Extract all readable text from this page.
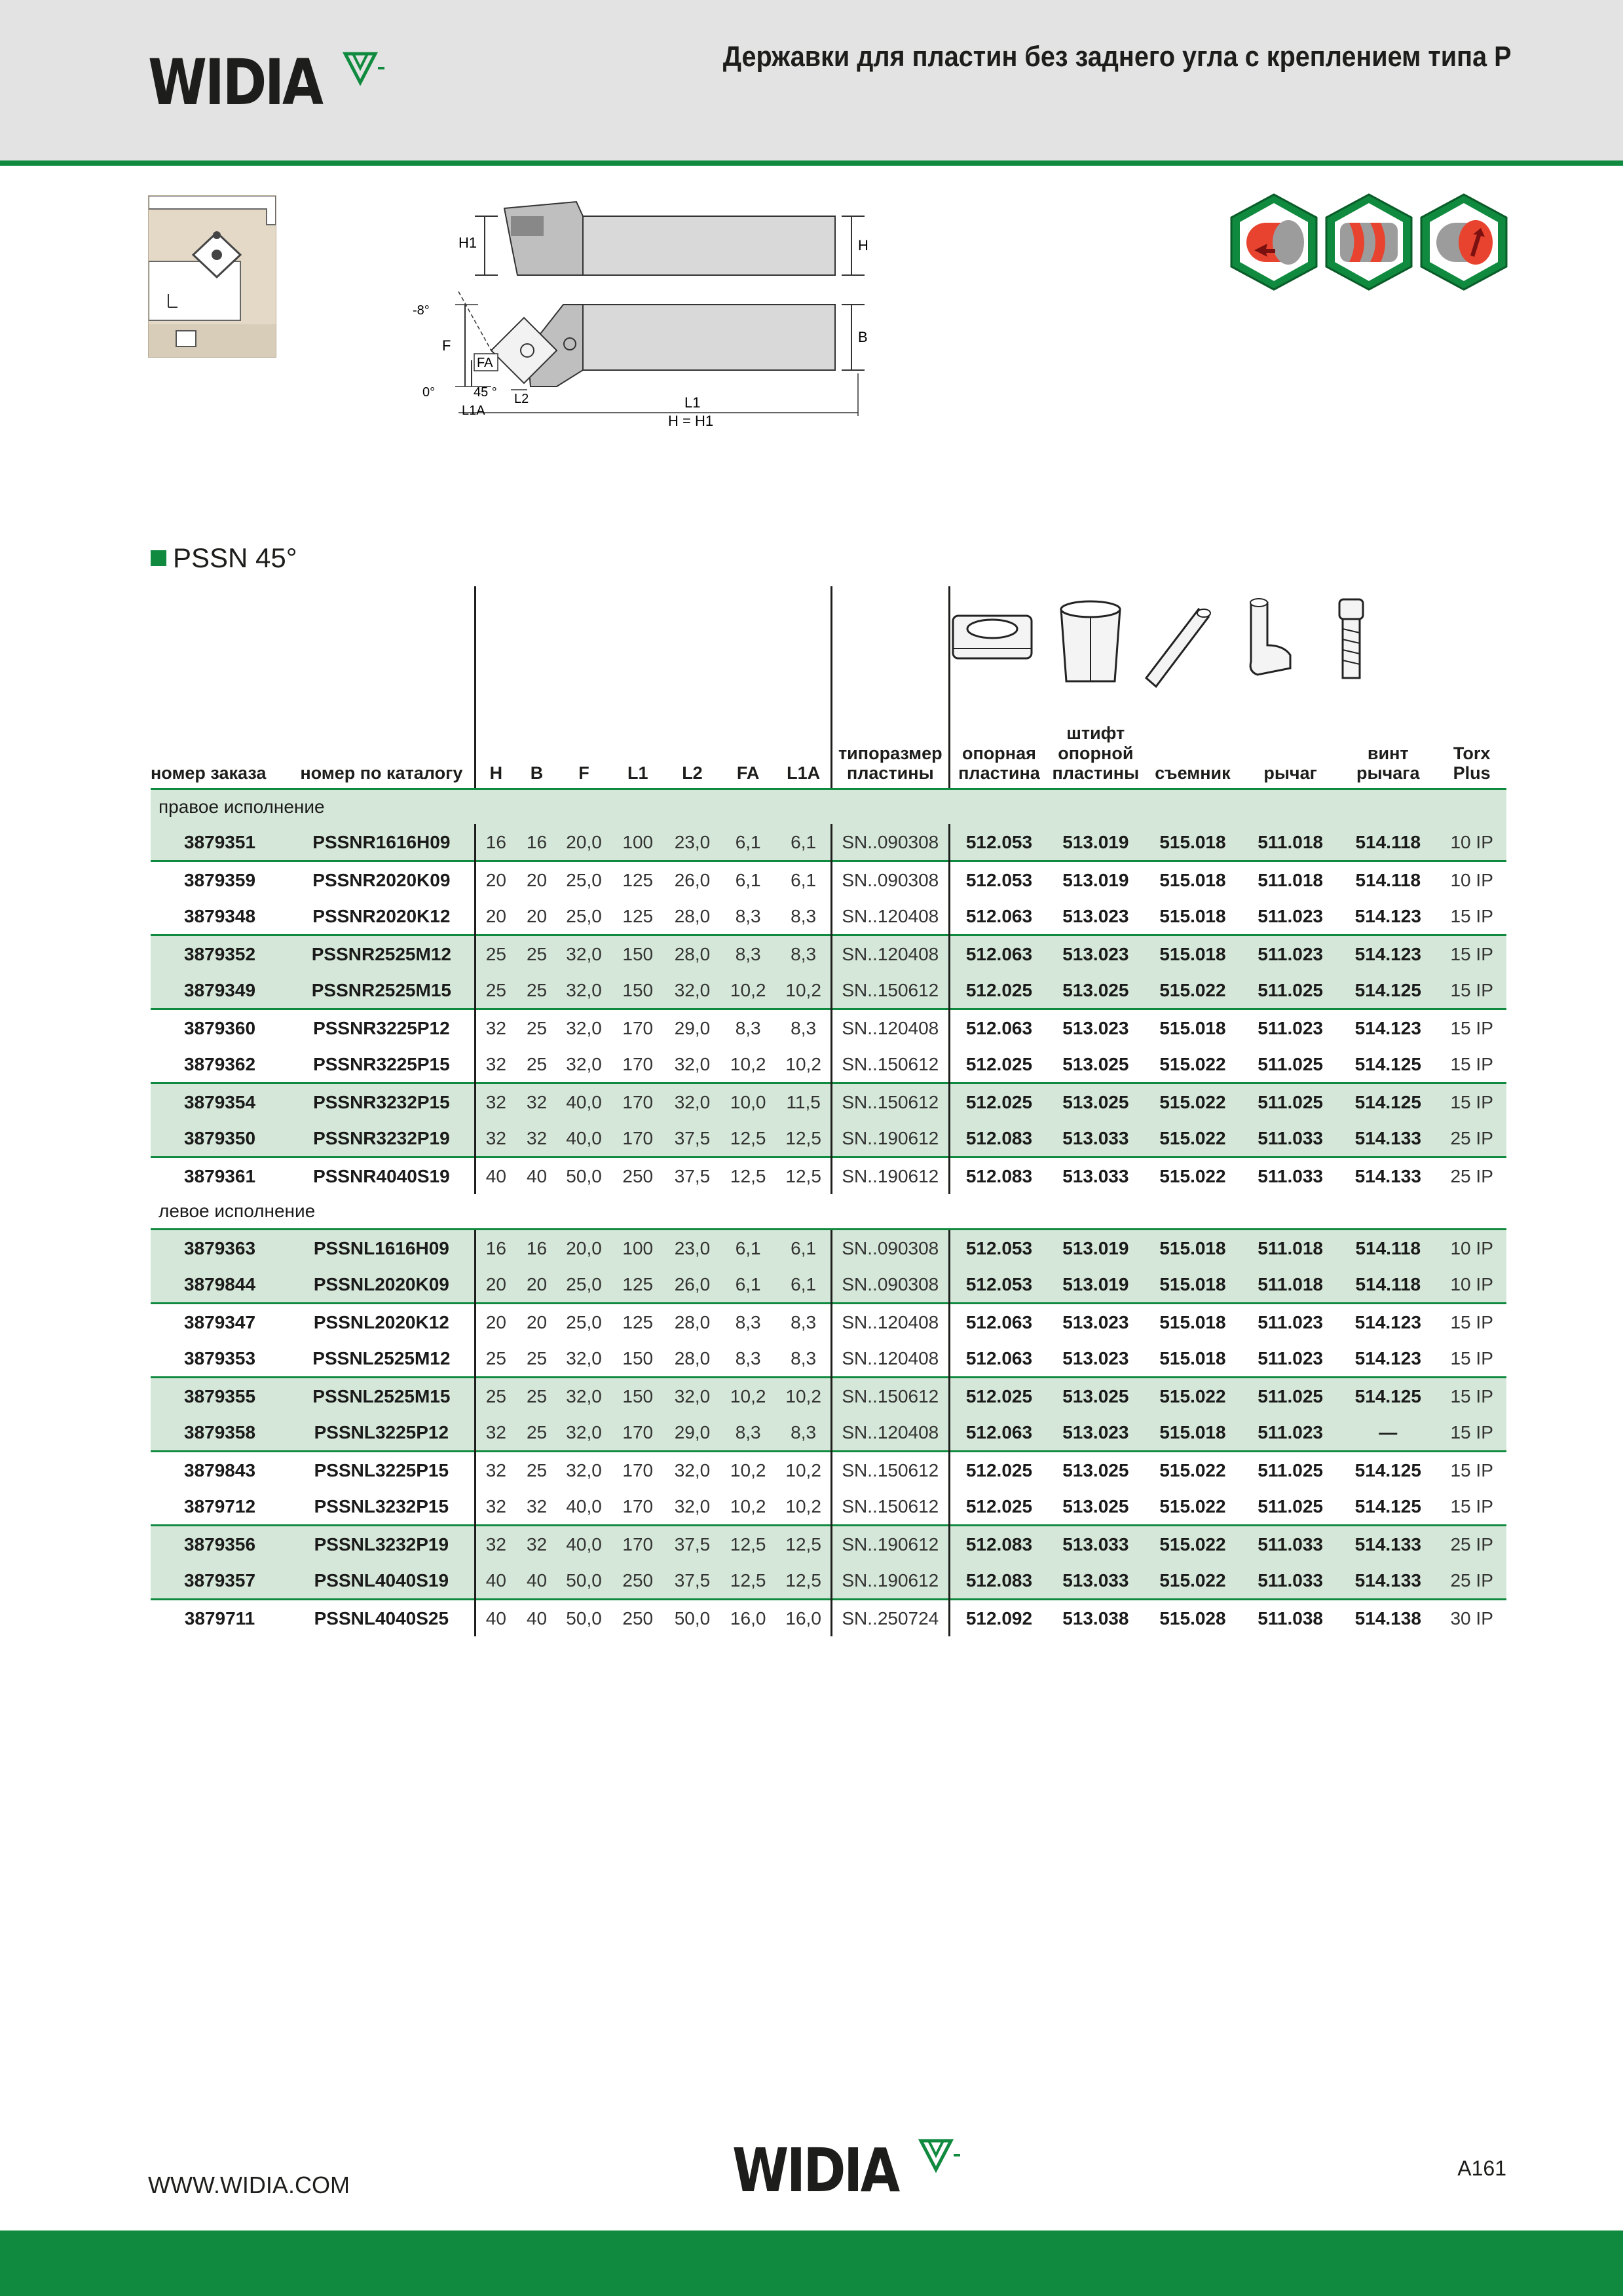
WIDIA	Державки для пластин без заднего угла с креплением типа P
H1	H
B
-8°
F
FA
0°	45 ° L2
L1A	L1
H = H1
PSSN 45°
номер заказа	номер по каталогу	H	B	F	L1	L2	FA	L1A	типоразмер пластины	опорная пластина	штифт опорной пластины	съемник	рычаг	винт рычага	Torx Plus
правое исполнение															
3879351	PSSNR1616H09	16	16	20,0	100	23,0	6,1	6,1	SN..090308	512.053	513.019	515.018	511.018	514.118	10 IP
3879359	PSSNR2020K09	20	20	25,0	125	26,0	6,1	6,1	SN..090308	512.053	513.019	515.018	511.018	514.118	10 IP
3879348	PSSNR2020K12	20	20	25,0	125	28,0	8,3	8,3	SN..120408	512.063	513.023	515.018	511.023	514.123	15 IP
3879352	PSSNR2525M12	25	25	32,0	150	28,0	8,3	8,3	SN..120408	512.063	513.023	515.018	511.023	514.123	15 IP
3879349	PSSNR2525M15	25	25	32,0	150	32,0	10,2	10,2	SN..150612	512.025	513.025	515.022	511.025	514.125	15 IP
3879360	PSSNR3225P12	32	25	32,0	170	29,0	8,3	8,3	SN..120408	512.063	513.023	515.018	511.023	514.123	15 IP
3879362	PSSNR3225P15	32	25	32,0	170	32,0	10,2	10,2	SN..150612	512.025	513.025	515.022	511.025	514.125	15 IP
3879354	PSSNR3232P15	32	32	40,0	170	32,0	10,0	11,5	SN..150612	512.025	513.025	515.022	511.025	514.125	15 IP
3879350	PSSNR3232P19	32	32	40,0	170	37,5	12,5	12,5	SN..190612	512.083	513.033	515.022	511.033	514.133	25 IP
3879361	PSSNR4040S19	40	40	50,0	250	37,5	12,5	12,5	SN..190612	512.083	513.033	515.022	511.033	514.133	25 IP
левое исполнение															
3879363	PSSNL1616H09	16	16	20,0	100	23,0	6,1	6,1	SN..090308	512.053	513.019	515.018	511.018	514.118	10 IP
3879844	PSSNL2020K09	20	20	25,0	125	26,0	6,1	6,1	SN..090308	512.053	513.019	515.018	511.018	514.118	10 IP
3879347	PSSNL2020K12	20	20	25,0	125	28,0	8,3	8,3	SN..120408	512.063	513.023	515.018	511.023	514.123	15 IP
3879353	PSSNL2525M12	25	25	32,0	150	28,0	8,3	8,3	SN..120408	512.063	513.023	515.018	511.023	514.123	15 IP
3879355	PSSNL2525M15	25	25	32,0	150	32,0	10,2	10,2	SN..150612	512.025	513.025	515.022	511.025	514.125	15 IP
3879358	PSSNL3225P12	32	25	32,0	170	29,0	8,3	8,3	SN..120408	512.063	513.023	515.018	511.023	—	15 IP
3879843	PSSNL3225P15	32	25	32,0	170	32,0	10,2	10,2	SN..150612	512.025	513.025	515.022	511.025	514.125	15 IP
3879712	PSSNL3232P15	32	32	40,0	170	32,0	10,2	10,2	SN..150612	512.025	513.025	515.022	511.025	514.125	15 IP
3879356	PSSNL3232P19	32	32	40,0	170	37,5	12,5	12,5	SN..190612	512.083	513.033	515.022	511.033	514.133	25 IP
3879357	PSSNL4040S19	40	40	50,0	250	37,5	12,5	12,5	SN..190612	512.083	513.033	515.022	511.033	514.133	25 IP
3879711	PSSNL4040S25	40	40	50,0	250	50,0	16,0	16,0	SN..250724	512.092	513.038	515.028	511.038	514.138	30 IP
WWW.WIDIA.COM	WIDIA	A161
